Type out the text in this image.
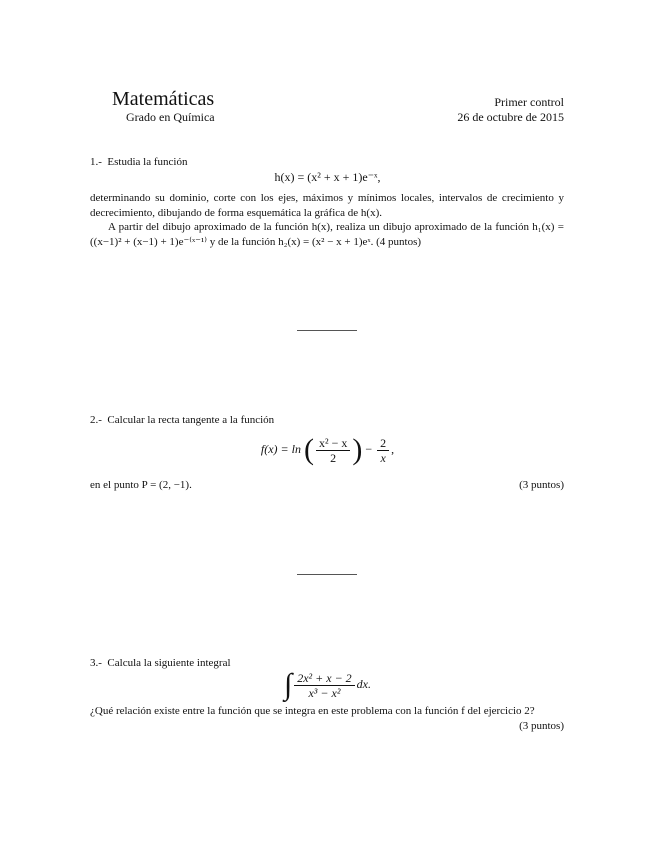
Matemáticas
Grado en Química
Primer control
26 de octubre de 2015
1.- Estudia la función
h(x) = (x² + x + 1)e⁻ˣ,
determinando su dominio, corte con los ejes, máximos y mínimos locales, intervalos de crecimiento y decrecimiento, dibujando de forma esquemática la gráfica de h(x).
A partir del dibujo aproximado de la función h(x), realiza un dibujo aproximado de la función h₁(x) = ((x−1)² + (x−1) + 1)e⁻⁽ˣ⁻¹⁾ y de la función h₂(x) = (x² − x + 1)eˣ. (4 puntos)
2.- Calcular la recta tangente a la función
f(x) = ln ( $\frac{\text{x² − x}}{2}$ ) − $\frac{2}{x}$ ,
en el punto P = (2, −1).	(3 puntos)
3.- Calcula la siguiente integral
∫ $\frac{\text{2x² + x − 2}}{\text{x³ − x²}}$ dx.
¿Qué relación existe entre la función que se integra en este problema con la función f del ejercicio 2?
(3 puntos)
